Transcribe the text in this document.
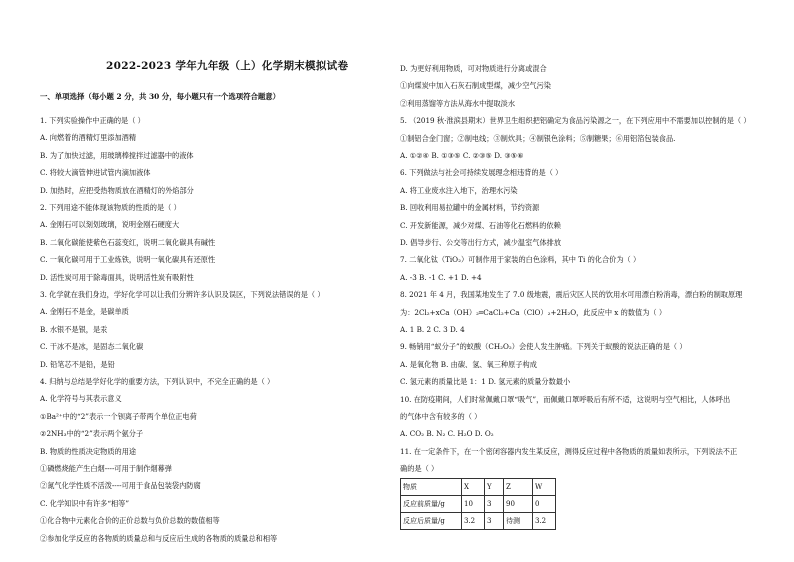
2022-2023 学年九年级（上）化学期末模拟试卷
一、单项选择（每小题 2 分，共 30 分，每小题只有一个选项符合题意）
1. 下列实验操作中正确的是（ ）
A. 向燃着的酒精灯里添加酒精
B. 为了加快过滤，用玻璃棒搅拌过滤器中的液体
C. 将较大滴管伸进试管内滴加液体
D. 加热时，应把受热物质放在酒精灯的外焰部分
2. 下列用途不能体现该物质的性质的是（ ）
A. 金刚石可以刻划玻璃，说明金刚石硬度大
B. 二氧化碳能使紫色石蕊变红，说明二氧化碳具有碱性
C. 一氧化碳可用于工业炼铁，说明一氧化碳具有还原性
D. 活性炭可用于除毒面具，说明活性炭有吸附性
3. 化学就在我们身边，学好化学可以让我们分辨许多认识及误区，下列说法错误的是（ ）
A. 金刚石不是金，是碳单质
B. 水银不是银，是汞
C. 干冰不是冰，是固态二氧化碳
D. 铅笔芯不是铅，是铅
4. 归纳与总结是学好化学的重要方法，下列认识中，不完全正确的是（ ）
A. 化学符号与其表示意义
①Ba²⁺中的“2”表示一个钡离子带两个单位正电荷
②2NH₃中的“2”表示两个氨分子
B. 物质的性质决定物质的用途
①磷燃烧能产生白烟----可用于制作烟幕弹
②氮气化学性质不活泼----可用于食品包装袋内防腐
C. 化学知识中有许多“相等”
①化合物中元素化合价的正价总数与负价总数的数值相等
②参加化学反应的各物质的质量总和与反应后生成的各物质的质量总和相等
D. 为更好利用物质，可对物质进行分离或混合
①向煤炭中加入石灰石制成型煤，减少空气污染
②利用蒸馏等方法从海水中提取淡水
5. （2019 秋·淮滨县期末）世界卫生组织把铝确定为食品污染源之一，在下列应用中不需要加以控制的是（ ）
①制铝合金门窗；②制电线；③制炊具；④制银色涂料；⑤制糖果；⑥用铝箔包装食品.
A. ①②④ B. ①③⑤ C. ②③⑤ D. ③⑤⑥
6. 下列做法与社会可持续发展理念相违背的是（ ）
A. 将工业废水注入地下，治理水污染
B. 回收利用易拉罐中的金属材料，节约资源
C. 开发新能源，减少对煤、石油等化石燃料的依赖
D. 倡导步行、公交等出行方式，减少温室气体排放
7. 二氧化钛（TiO₂）可制作用于家装的白色涂料，其中 Ti 的化合价为（ ）
A. -3 B. -1 C. +1 D. +4
8. 2021 年 4 月，我国某地发生了 7.0 级地震，震后灾区人民的饮用水可用漂白粉消毒，漂白粉的制取原理
为：2Cl₂+xCa（OH）₂═CaCl₂+Ca（ClO）₂+2H₂O，此反应中 x 的数值为（ ）
A. 1 B. 2 C. 3 D. 4
9. 畅销用“蚁分子”的蚁酸（CH₂O₂）会使人发生肿痛。下列关于蚁酸的说法正确的是（ ）
A. 是氧化物 B. 由碳、氢、氧三种原子构成
C. 氢元素的质量比是 1：1 D. 氢元素的质量分数最小
10. 在防疫期间，人们时常佩戴口罩“吸气”，而佩戴口罩呼吸后有所不适，这说明与空气相比，人体呼出
的气体中含有较多的（ ）
A. CO₂ B. N₂ C. H₂O D. O₂
11. 在一定条件下，在一个密闭容器内发生某反应，测得反应过程中各物质的质量如表所示，下列说法不正
确的是（ ）
物质	X	Y	Z	W
反应前质量/g	10	3	90	0
反应后质量/g	3.2	3	待测	3.2
